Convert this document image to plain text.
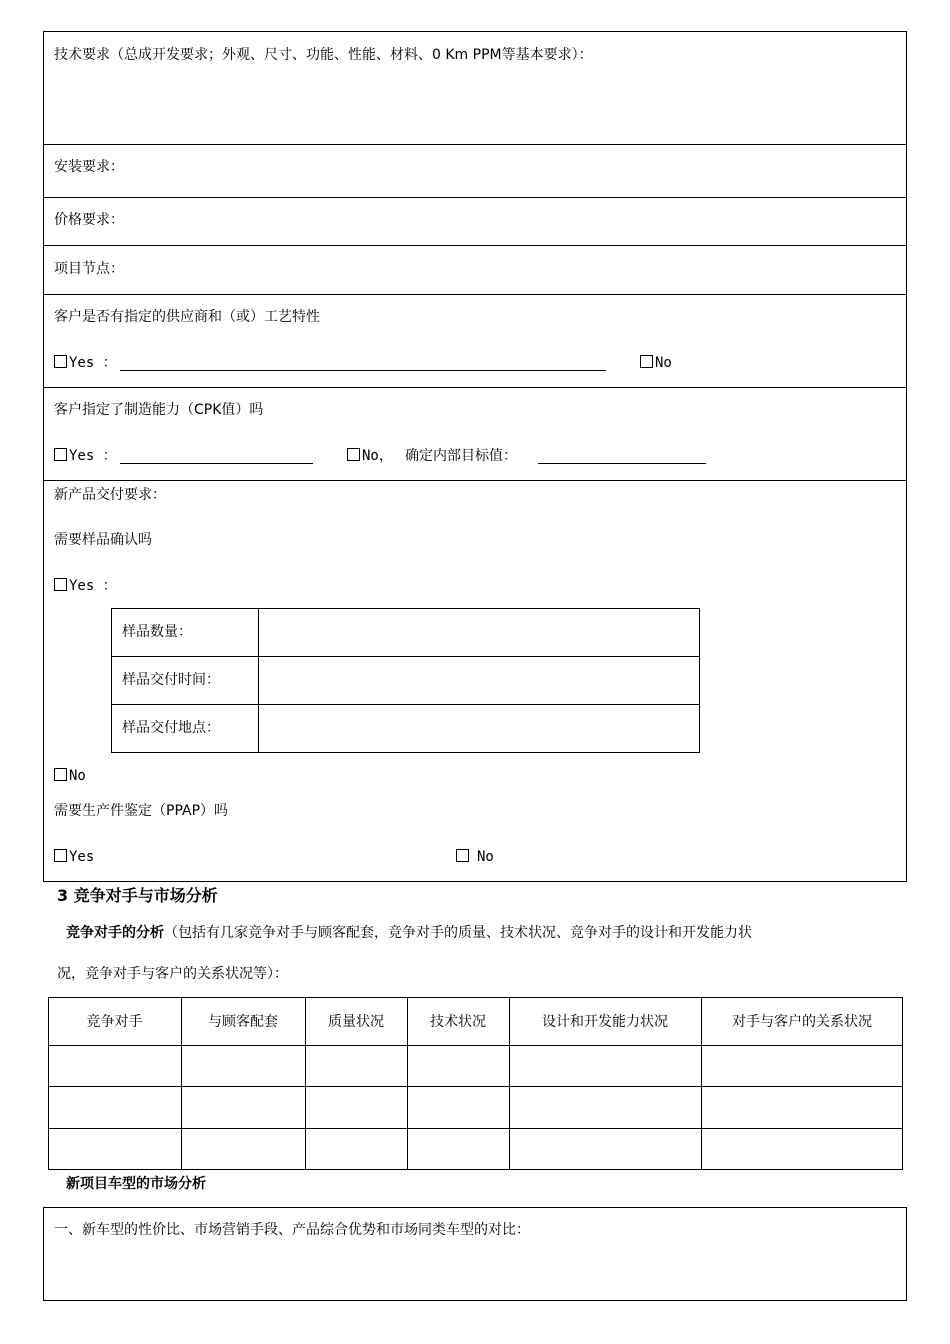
技术要求（总成开发要求；外观、尺寸、功能、性能、材料、0 Km PPM等基本要求）：
安装要求：
价格要求：
项目节点：
客户是否有指定的供应商和（或）工艺特性
Yes ：	No
客户指定了制造能力（CPK值）吗
Yes ：	No， 确定内部目标值：
新产品交付要求：
需要样品确认吗
Yes ：
样品数量：
样品交付时间：
样品交付地点：
No
需要生产件鉴定（PPAP）吗
Yes	No
3 竞争对手与市场分析
竞争对手的分析（包括有几家竞争对手与顾客配套，竞争对手的质量、技术状况、竞争对手的设计和开发能力状
况，竞争对手与客户的关系状况等）：
竞争对手	与顾客配套	质量状况	技术状况	设计和开发能力状况	对手与客户的关系状况
新项目车型的市场分析
一、新车型的性价比、市场营销手段、产品综合优势和市场同类车型的对比：
